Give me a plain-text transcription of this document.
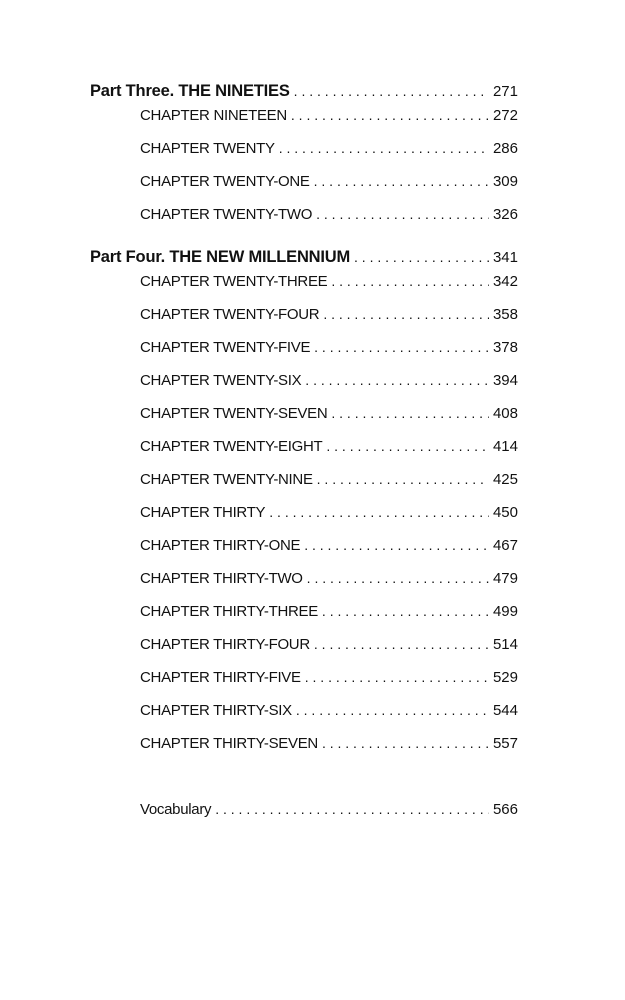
Part Three. THE NINETIES . . .	271
CHAPTER NINETEEN . . .	272
CHAPTER TWENTY . . .	286
CHAPTER TWENTY-ONE . . .	309
CHAPTER TWENTY-TWO . . .	326
Part Four. THE NEW MILLENNIUM . . .	341
CHAPTER TWENTY-THREE . . .	342
CHAPTER TWENTY-FOUR . . .	358
CHAPTER TWENTY-FIVE . . .	378
CHAPTER TWENTY-SIX . . .	394
CHAPTER TWENTY-SEVEN . . .	408
CHAPTER TWENTY-EIGHT . . .	414
CHAPTER TWENTY-NINE . . .	425
CHAPTER THIRTY . . .	450
CHAPTER THIRTY-ONE . . .	467
CHAPTER THIRTY-TWO . . .	479
CHAPTER THIRTY-THREE . . .	499
CHAPTER THIRTY-FOUR . . .	514
CHAPTER THIRTY-FIVE . . .	529
CHAPTER THIRTY-SIX . . .	544
CHAPTER THIRTY-SEVEN . . .	557
Vocabulary . . .	566
